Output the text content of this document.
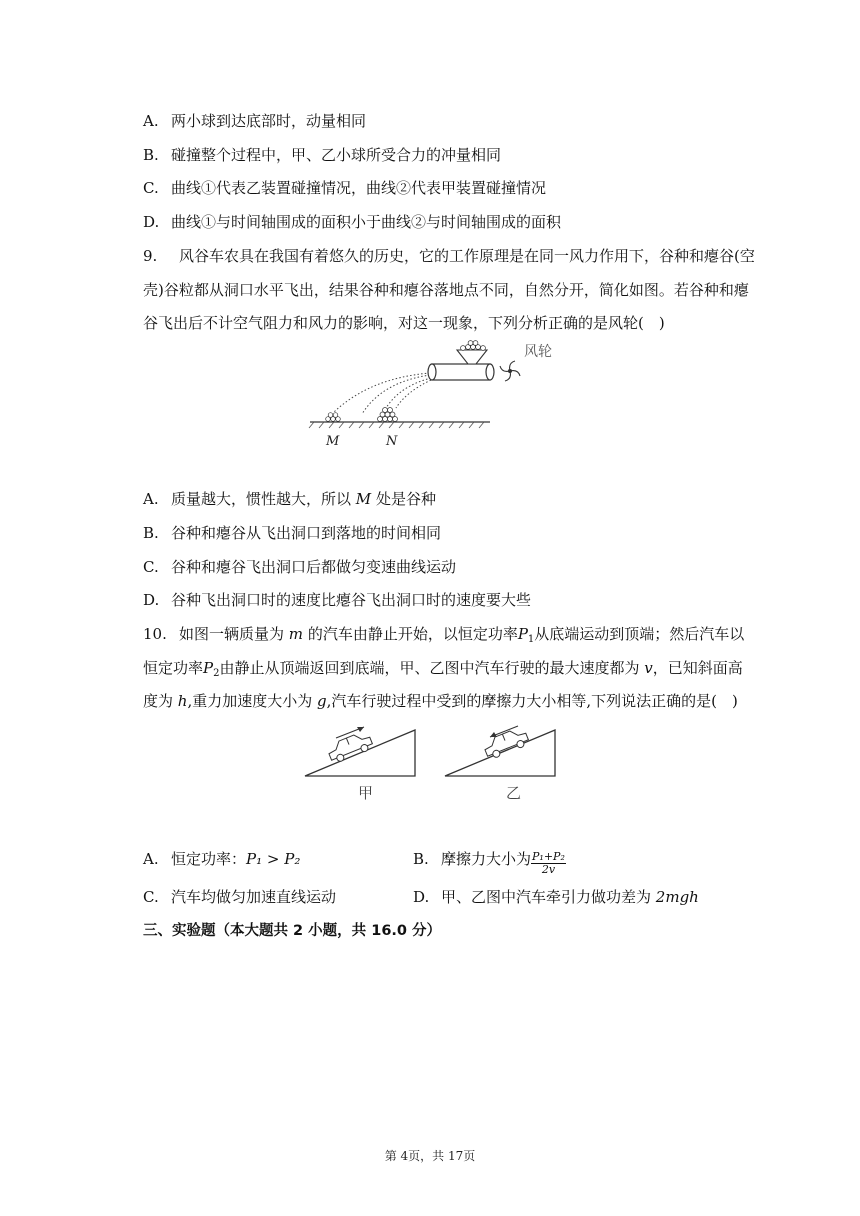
A. 两小球到达底部时，动量相同
B. 碰撞整个过程中，甲、乙小球所受合力的冲量相同
C. 曲线①代表乙装置碰撞情况，曲线②代表甲装置碰撞情况
D. 曲线①与时间轴围成的面积小于曲线②与时间轴围成的面积
9. 风谷车农具在我国有着悠久的历史，它的工作原理是在同一风力作用下，谷种和瘪谷(空
壳)谷粒都从洞口水平飞出，结果谷种和瘪谷落地点不同，自然分开，简化如图。若谷种和瘪
谷飞出后不计空气阻力和风力的影响，对这一现象，下列分析正确的是风轮(　)
风轮
M	N
A. 质量越大，惯性越大，所以 M 处是谷种
B. 谷种和瘪谷从飞出洞口到落地的时间相同
C. 谷种和瘪谷飞出洞口后都做匀变速曲线运动
D. 谷种飞出洞口时的速度比瘪谷飞出洞口时的速度要大些
10. 如图一辆质量为 m 的汽车由静止开始，以恒定功率$P_1$从底端运动到顶端；然后汽车以
恒定功率$P_2$由静止从顶端返回到底端，甲、乙图中汽车行驶的最大速度都为 v，已知斜面高
度为 h,重力加速度大小为 g,汽车行驶过程中受到的摩擦力大小相等,下列说法正确的是(　)
甲	乙
A. 恒定功率：P₁ > P₂	B. 摩擦力大小为 $\frac{\text{P₁+P₂}}{2v}$
C. 汽车均做匀加速直线运动	D. 甲、乙图中汽车牵引力做功差为 2mgh
三、实验题（本大题共 2 小题，共 16.0 分）
第 4页，共 17页
